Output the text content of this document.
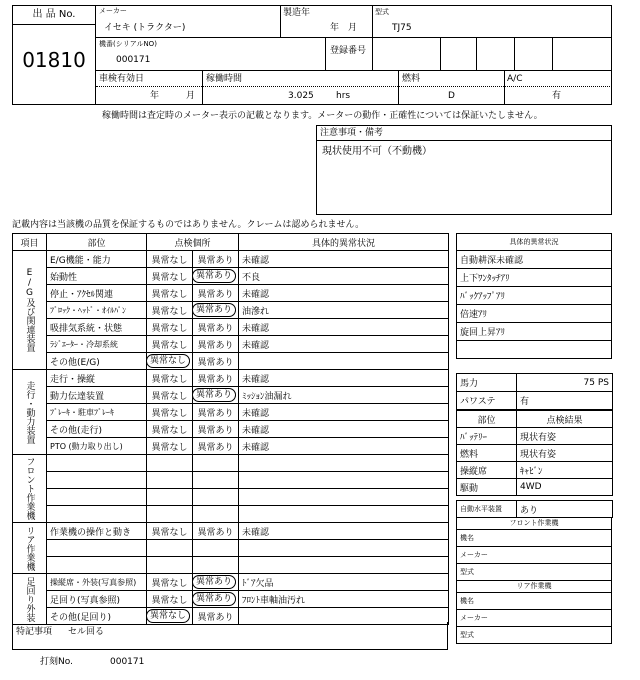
出 品 No.
01810
メーカー
イセキ (トラクター)
製造年
年　月
型式
TJ75
機番(シリアルNO)
000171
登録番号
車検有効日
年　　　月
稼働時間
3.025 hrs
燃料
D
A/C
有
稼働時間は査定時のメーター表示の記載となります。メーターの動作・正確性については保証いたしません。
注意事項・備考
現状使用不可（不動機）
記載内容は当該機の品質を保証するものではありません。クレームは認められません。
項目	部位	点検個所		具体的異常状況
E/G及び関連装置	E/G機能・能力	異常なし	異常あり	未確認
	始動性	異常なし	異常あり	不良
	停止・ｱｸｾﾙ関連	異常なし	異常あり	未確認
	ﾌﾞﾛｯｸ・ﾍｯﾄﾞ・ｵｲﾙﾊﾟﾝ	異常なし	異常あり	油滲れ
	吸排気系統・状態	異常なし	異常あり	未確認
	ﾗｼﾞｴｰﾀｰ・冷却系統	異常なし	異常あり	未確認
	その他(E/G)	異常なし	異常あり	
走行・動力装置	走行・操縦	異常なし	異常あり	未確認
	動力伝達装置	異常なし	異常あり	ﾐｯｼｮﾝ油漏れ
	ﾌﾞﾚｰｷ・駐車ﾌﾞﾚｰｷ	異常なし	異常あり	未確認
	その他(走行)	異常なし	異常あり	未確認
	PTO (動力取り出し)	異常なし	異常あり	未確認
フロント作業機				

リア作業機	作業機の操作と動き	異常なし	異常あり	未確認

足回り外装	操縦席・外装(写真参照)	異常なし	異常あり	ﾄﾞｱ欠品
	足回り(写真参照)	異常なし	異常あり	ﾌﾛﾝﾄ車軸油汚れ
	その他(足回り)	異常なし	異常あり	
特記事項 セル回る
打刻No.	000171
具体的異常状況
自動耕深未確認
上下ﾜﾝﾀｯﾁｱﾘ
ﾊﾞｯｸｱｯﾌﾟｱﾘ
倍速ｱﾘ
旋回上昇ｱﾘ

馬力	75 PS
パワステ	有
部位	点検結果
ﾊﾞｯﾃﾘｰ	現状有姿
燃料	現状有姿
操縦席	ｷｬﾋﾞﾝ
駆動	4WD
自動水平装置	あり
フロント作業機
機名
メーカー
型式
リア作業機
機名
メーカー
型式
